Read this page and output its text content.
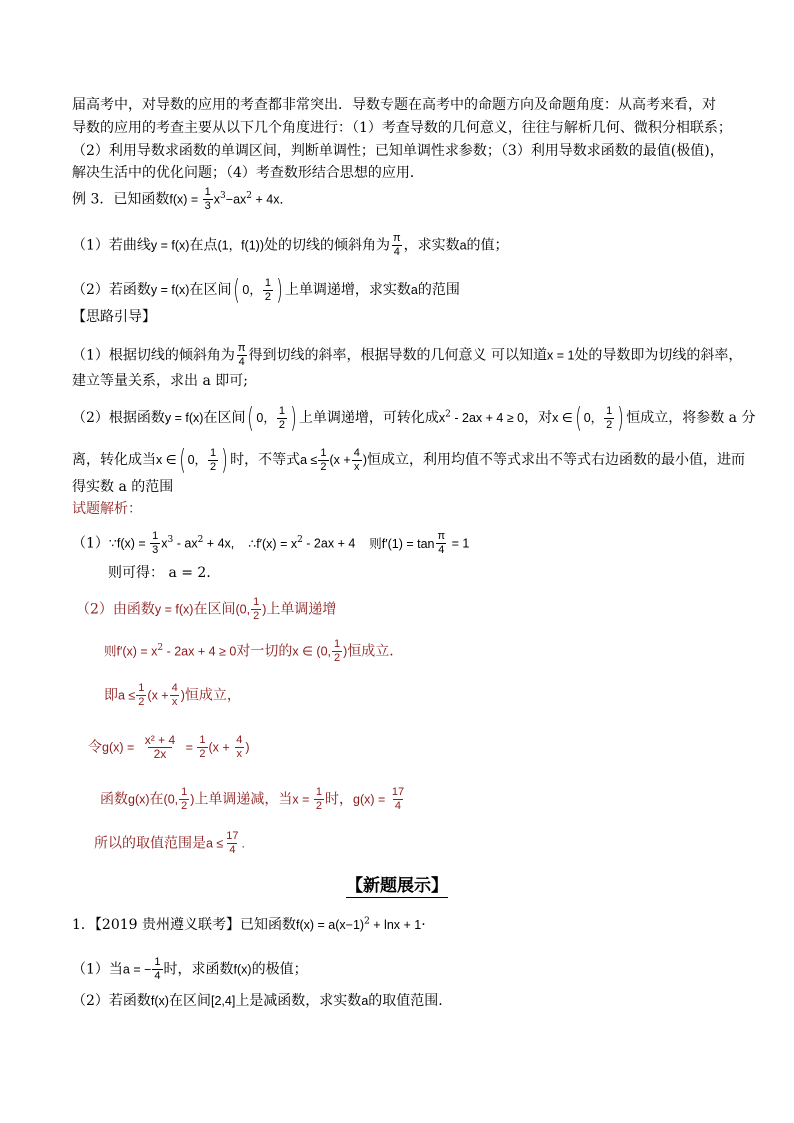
届高考中，对导数的应用的考查都非常突出．导数专题在高考中的命题方向及命题角度：从高考来看，对
导数的应用的考查主要从以下几个角度进行：（1）考查导数的几何意义，往往与解析几何、微积分相联系；
（2）利用导数求函数的单调区间，判断单调性；已知单调性求参数；（3）利用导数求函数的最值(极值)，
解决生活中的优化问题；（4）考查数形结合思想的应用．
例 3．已知函数$f(x) = \frac{1}{3} x^3-ax^2 + 4x$．
（1）若曲线y = f(x)在点(1，f(1))处的切线的倾斜角为 $\frac{\pi}{4}$ ，求实数a的值；
（2）若函数y = f(x)在区间( 0， $\frac{1}{2}$ ) 上单调递增，求实数a的范围
【思路引导】
（1）根据切线的倾斜角为 $\frac{\pi}{4}$ 得到切线的斜率，根据导数的几何意义 可以知道x = 1处的导数即为切线的斜率，
建立等量关系，求出 a 即可;
（2）根据函数y = f(x)在区间( 0， $\frac{1}{2}$ ) 上单调递增，可转化成$x^2 - 2ax + 4 \ge 0$，对x ∈( 0， $\frac{1}{2}$ ) 恒成立，将参数 a 分
离，转化成当x ∈( 0， $\frac{1}{2}$ ) 时，不等式$a \le \frac{1}{2} (x + \frac{4}{x}$ )恒成立，利用均值不等式求出不等式右边函数的最小值，进而
得实数 a 的范围
试题解析：
（1）∵f(x) = $\frac{1}{3} x^3 - ax^2 + 4x$, ∴f′(x) = $x^2 - 2ax + 4$ 则$f'(1) = \tan \frac{\pi}{4} = 1$
则可得： a = 2．
（2）由函数y = f(x)在区间(0, $\frac{1}{2}$ )上单调递增
则$f'(x) = x^2 - 2ax + 4 \ge 0$对一切的x ∈ (0, $\frac{1}{2}$ )恒成立．
即$a \le \frac{1}{2} (x + \frac{4}{x}$ )恒成立，
令$g(x) = \frac{\text{x² + 4}}{2x} = \frac{1}{2} (x + \frac{4}{x}$ )
函数g(x)在(0, $\frac{1}{2}$ )上单调递减，当$x = \frac{1}{2}$ 时，$g(x) = \frac{17}{4}$
所以的取值范围是$a \le \frac{17}{4}$ .
【新题展示】
1．【2019 贵州遵义联考】已知函数$f(x) = a(x-1)^2 + \ln x + 1\cdot$
（1）当a = − $\frac{1}{4}$ 时，求函数f(x)的极值；
（2）若函数f(x)在区间[2,4]上是减函数，求实数a的取值范围.
